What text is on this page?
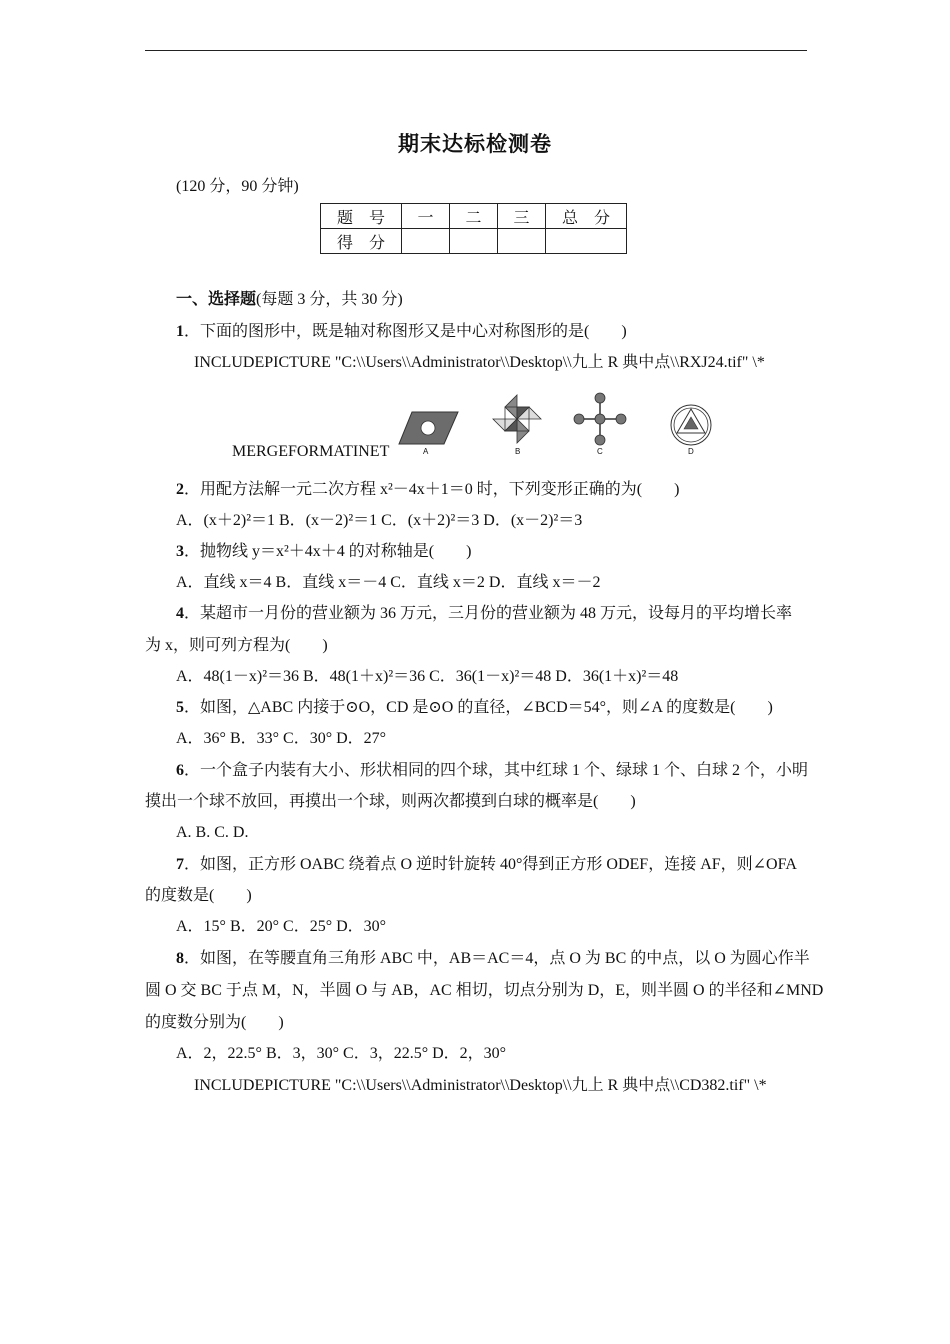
期末达标检测卷
(120 分，90 分钟)
题　号	一	二	三	总　分
得　分				
一、选择题(每题 3 分，共 30 分)
1．下面的图形中，既是轴对称图形又是中心对称图形的是(　　)
INCLUDEPICTURE "C:\\Users\\Administrator\\Desktop\\九上 R 典中点\\RXJ24.tif" \*
MERGEFORMATINET	A	B	C	D
2．用配方法解一元二次方程 x²－4x＋1＝0 时，下列变形正确的为(　　)
A．(x＋2)²＝1 B．(x－2)²＝1 C．(x＋2)²＝3 D．(x－2)²＝3
3．抛物线 y＝x²＋4x＋4 的对称轴是(　　)
A．直线 x＝4 B．直线 x＝－4 C．直线 x＝2 D．直线 x＝－2
4．某超市一月份的营业额为 36 万元，三月份的营业额为 48 万元，设每月的平均增长率
为 x，则可列方程为(　　)
A．48(1－x)²＝36 B．48(1＋x)²＝36 C．36(1－x)²＝48 D．36(1＋x)²＝48
5．如图，△ABC 内接于⊙O，CD 是⊙O 的直径，∠BCD＝54°，则∠A 的度数是(　　)
A．36° B．33° C．30° D．27°
6．一个盒子内装有大小、形状相同的四个球，其中红球 1 个、绿球 1 个、白球 2 个，小明
摸出一个球不放回，再摸出一个球，则两次都摸到白球的概率是(　　)
A. B. C. D.
7．如图，正方形 OABC 绕着点 O 逆时针旋转 40°得到正方形 ODEF，连接 AF，则∠OFA
的度数是(　　)
A．15° B．20° C．25° D．30°
8．如图，在等腰直角三角形 ABC 中，AB＝AC＝4，点 O 为 BC 的中点，以 O 为圆心作半
圆 O 交 BC 于点 M，N，半圆 O 与 AB，AC 相切，切点分别为 D，E，则半圆 O 的半径和∠MND
的度数分别为(　　)
A．2，22.5° B．3，30° C．3，22.5° D．2，30°
INCLUDEPICTURE "C:\\Users\\Administrator\\Desktop\\九上 R 典中点\\CD382.tif" \*
